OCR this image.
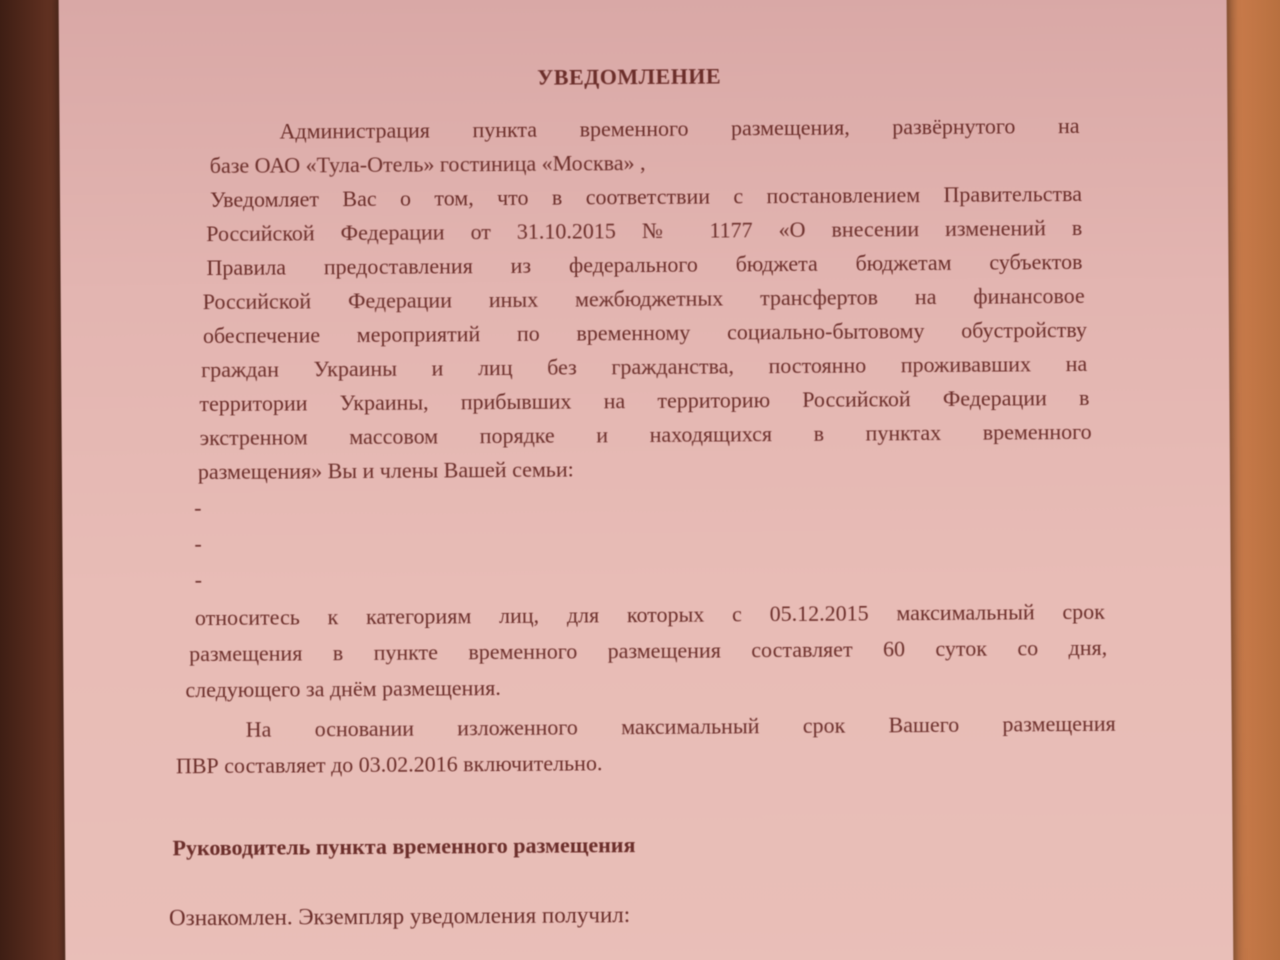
УВЕДОМЛЕНИЕ
Администрация пункта временного размещения, развёрнутого на
базе ОАО «Тула-Отель» гостиница «Москва» ,
Уведомляет Вас о том, что в соответствии с постановлением Правительства
Российской Федерации от 31.10.2015 № 1177 «О внесении изменений в
Правила предоставления из федерального бюджета бюджетам субъектов
Российской Федерации иных межбюджетных трансфертов на финансовое
обеспечение мероприятий по временному социально-бытовому обустройству
граждан Украины и лиц без гражданства, постоянно проживавших на
территории Украины, прибывших на территорию Российской Федерации в
экстренном массовом порядке и находящихся в пунктах временного
размещения» Вы и члены Вашей семьи:
-
-
-
относитесь к категориям лиц, для которых с 05.12.2015 максимальный срок
размещения в пункте временного размещения составляет 60 суток со дня,
следующего за днём размещения.
На основании изложенного максимальный срок Вашего размещения
ПВР составляет до 03.02.2016 включительно.
Руководитель пункта временного размещения
Ознакомлен. Экземпляр уведомления получил:
